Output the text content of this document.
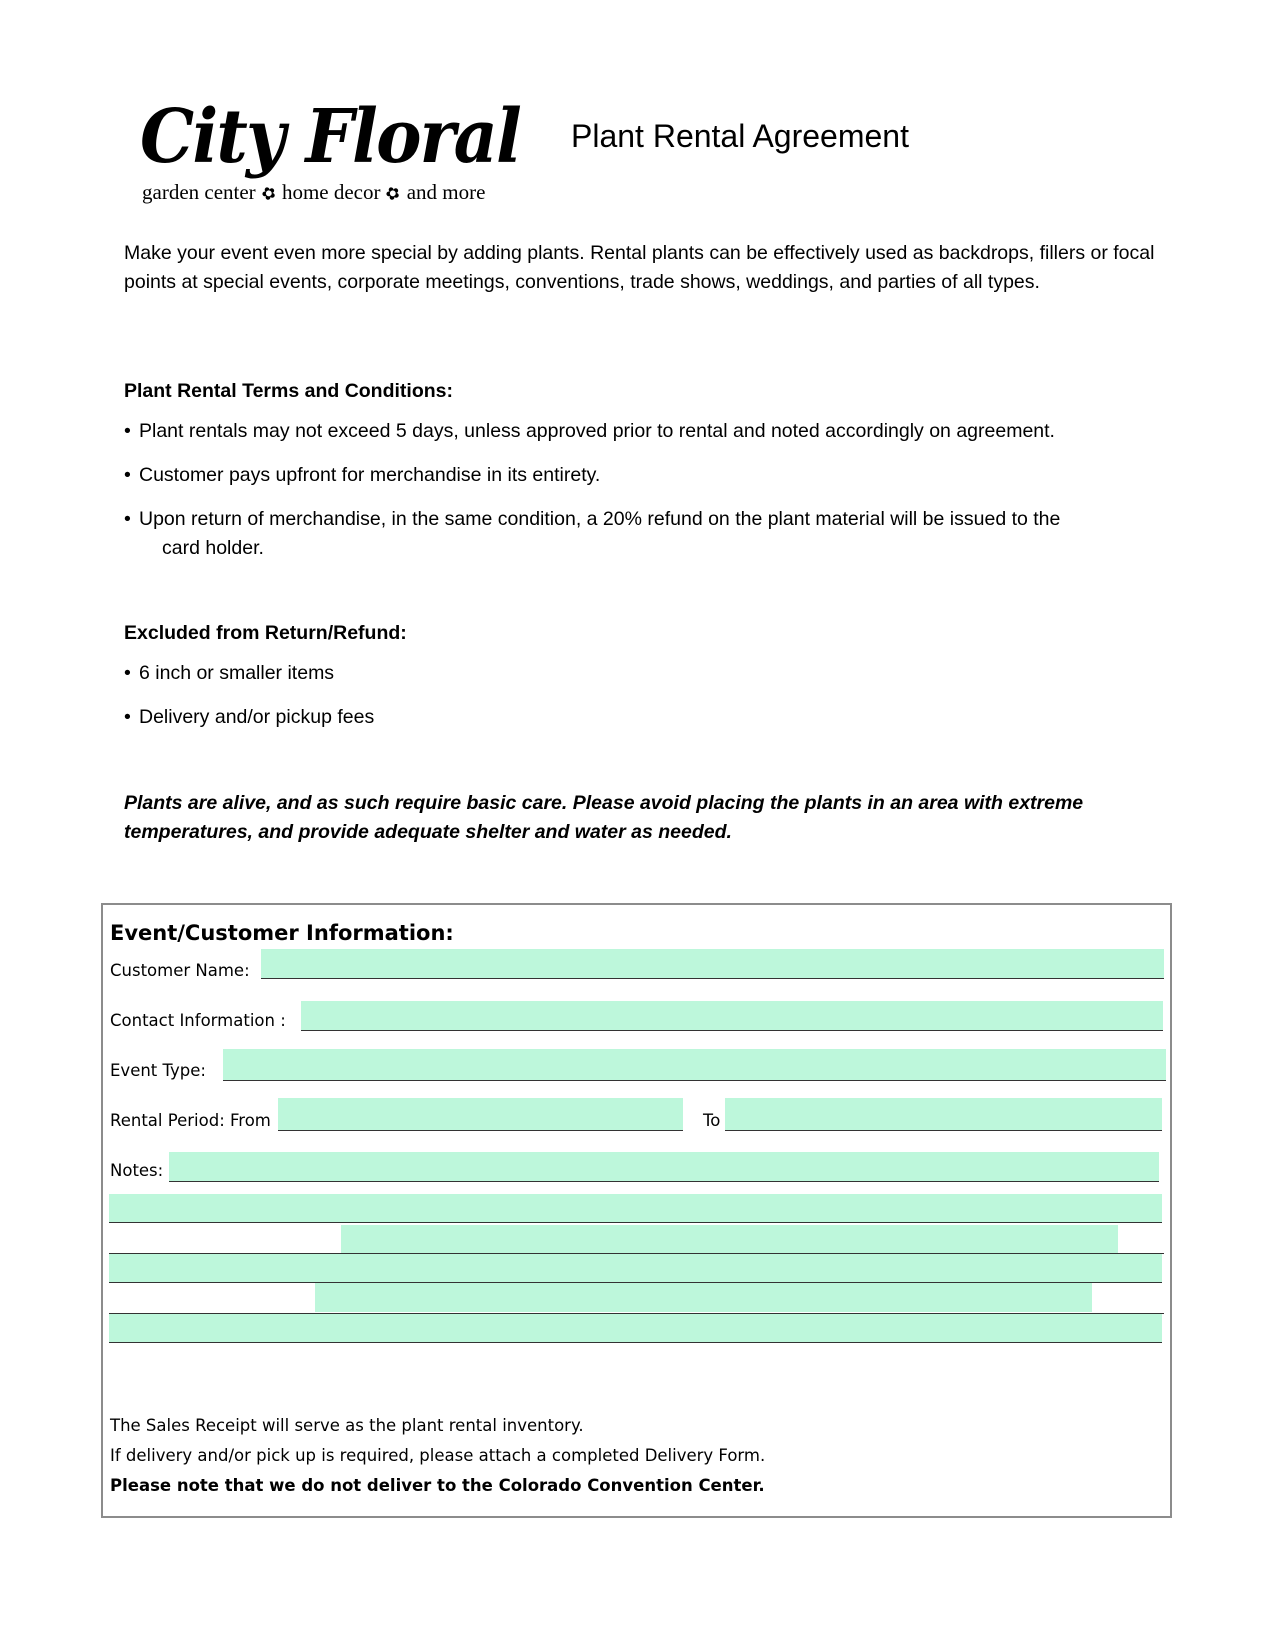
City Floral
garden center ✿ home decor ✿ and more
Plant Rental Agreement

Make your event even more special by adding plants. Rental plants can be effectively used as backdrops, fillers or focal points at special events, corporate meetings, conventions, trade shows, weddings, and parties of all types.

Plant Rental Terms and Conditions:

• Plant rentals may not exceed 5 days, unless approved prior to rental and noted accordingly on agreement.
• Customer pays upfront for merchandise in its entirety.
• Upon return of merchandise, in the same condition, a 20% refund on the plant material will be issued to the
card holder.

Excluded from Return/Refund:

• 6 inch or smaller items
• Delivery and/or pickup fees

Plants are alive, and as such require basic care. Please avoid placing the plants in an area with extreme temperatures, and provide adequate shelter and water as needed.

Event/Customer Information:
Customer Name:
Contact Information :
Event Type:
Rental Period: From	To
Notes:
The Sales Receipt will serve as the plant rental inventory.
If delivery and/or pick up is required, please attach a completed Delivery Form.
Please note that we do not deliver to the Colorado Convention Center.
